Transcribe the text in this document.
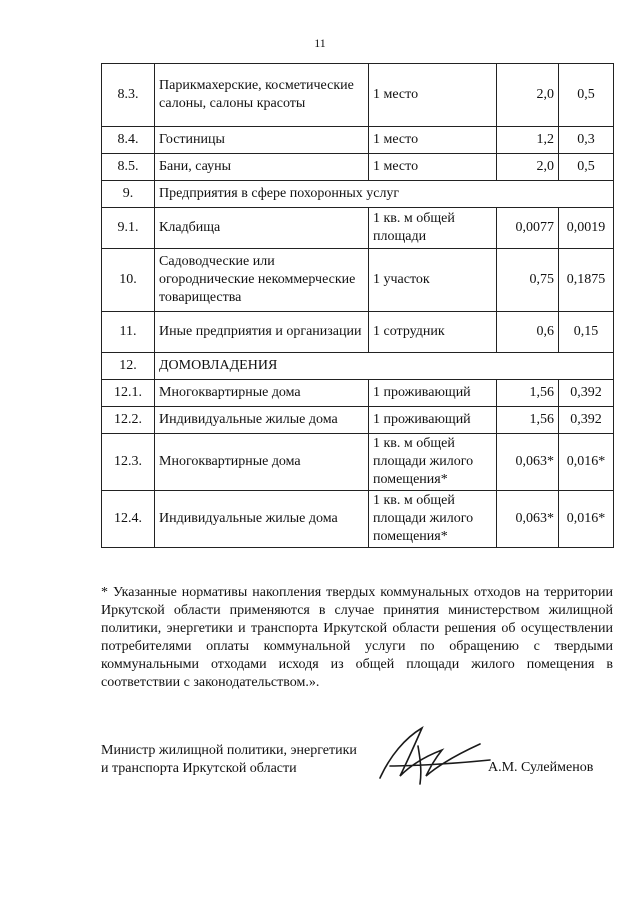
11
8.3.	Парикмахерские, косметические салоны, салоны красоты	1 место	2,0	0,5
8.4.	Гостиницы	1 место	1,2	0,3
8.5.	Бани, сауны	1 место	2,0	0,5
9.	Предприятия в сфере похоронных услуг			
9.1.	Кладбища	1 кв. м общей площади	0,0077	0,0019
10.	Садоводческие или огороднические некоммерческие товарищества	1 участок	0,75	0,1875
11.	Иные предприятия и организации	1 сотрудник	0,6	0,15
12.	ДОМОВЛАДЕНИЯ			
12.1.	Многоквартирные дома	1 проживающий	1,56	0,392
12.2.	Индивидуальные жилые дома	1 проживающий	1,56	0,392
12.3.	Многоквартирные дома	1 кв. м общей площади жилого помещения*	0,063*	0,016*
12.4.	Индивидуальные жилые дома	1 кв. м общей площади жилого помещения*	0,063*	0,016*
* Указанные нормативы накопления твердых коммунальных отходов на территории Иркутской области применяются в случае принятия министерством жилищной политики, энергетики и транспорта Иркутской области решения об осуществлении потребителями оплаты коммунальной услуги по обращению с твердыми коммунальными отходами исходя из общей площади жилого помещения в соответствии с законодательством.».
Министр жилищной политики, энергетики
и транспорта Иркутской области	А.М. Сулейменов
